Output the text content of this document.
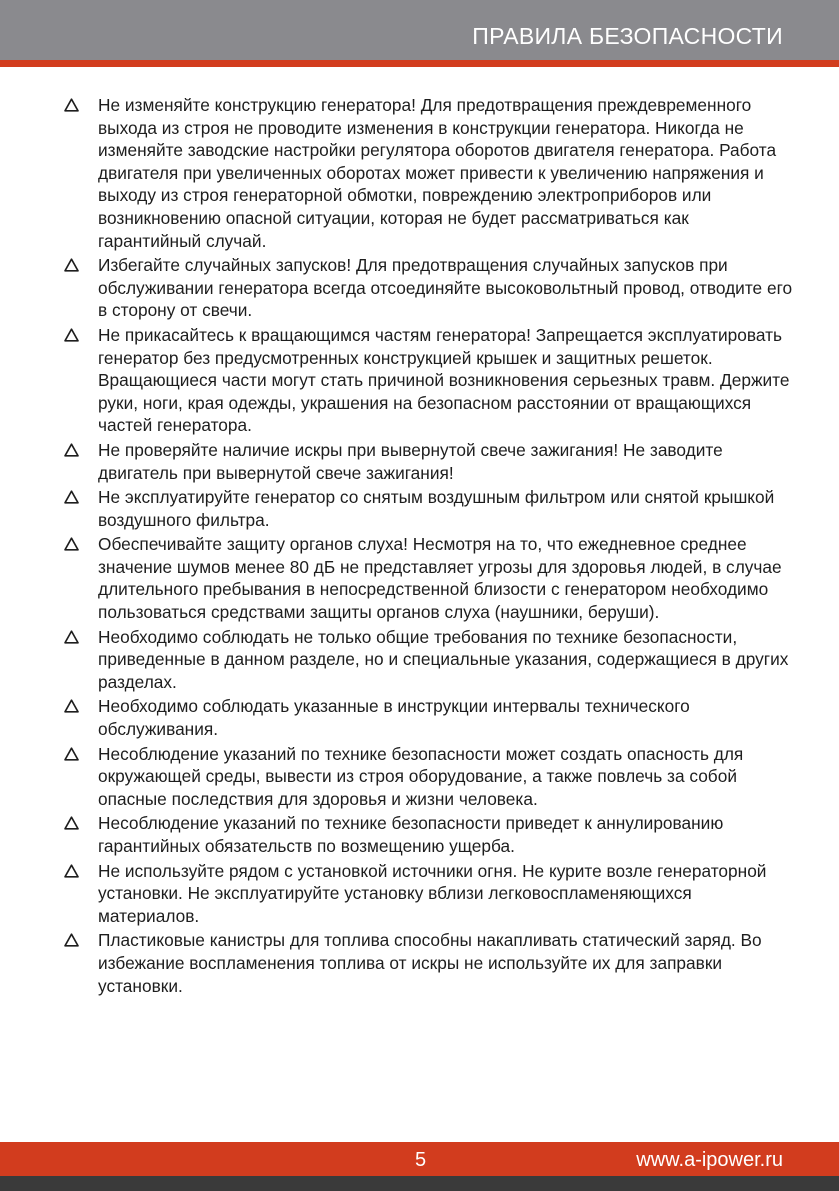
ПРАВИЛА БЕЗОПАСНОСТИ
Не изменяйте конструкцию генератора! Для предотвращения преждевременного выхода из строя не проводите изменения в конструкции генератора. Никогда не изменяйте заводские настройки регулятора оборотов двигателя генератора. Работа двигателя при увеличенных оборотах может привести к увеличению напряжения и выходу из строя генераторной обмотки, повреждению электроприборов или возникновению опасной ситуации, которая не будет рассматриваться как гарантийный случай.
Избегайте случайных запусков! Для предотвращения случайных запусков при обслуживании генератора всегда отсоединяйте высоковольтный провод, отводите его в сторону от свечи.
Не прикасайтесь к вращающимся частям генератора! Запрещается эксплуатировать генератор без предусмотренных конструкцией крышек и защитных решеток. Вращающиеся части могут стать причиной возникновения серьезных травм. Держите руки, ноги, края одежды, украшения на безопасном расстоянии от вращающихся частей генератора.
Не проверяйте наличие искры при вывернутой свече зажигания! Не заводите двигатель при вывернутой свече зажигания!
Не эксплуатируйте генератор со снятым воздушным фильтром или снятой крышкой воздушного фильтра.
Обеспечивайте защиту органов слуха! Несмотря на то, что ежедневное среднее значение шумов менее 80 дБ не представляет угрозы для здоровья людей, в случае длительного пребывания в непосредственной близости с генератором необходимо пользоваться средствами защиты органов слуха (наушники, беруши).
Необходимо соблюдать не только общие требования по технике безопасности, приведенные в данном разделе, но и специальные указания, содержащиеся в других разделах.
Необходимо соблюдать указанные в инструкции интервалы технического обслуживания.
Несоблюдение указаний по технике безопасности может создать опасность для окружающей среды, вывести из строя оборудование, а также повлечь за собой опасные последствия для здоровья и жизни человека.
Несоблюдение указаний по технике безопасности приведет к аннулированию гарантийных обязательств по возмещению ущерба.
Не используйте рядом с установкой источники огня. Не курите возле генераторной установки. Не эксплуатируйте установку вблизи легковоспламеняющихся материалов.
Пластиковые канистры для топлива способны накапливать статический заряд. Во избежание воспламенения топлива от искры не используйте их для заправки установки.
5	www.a-ipower.ru
